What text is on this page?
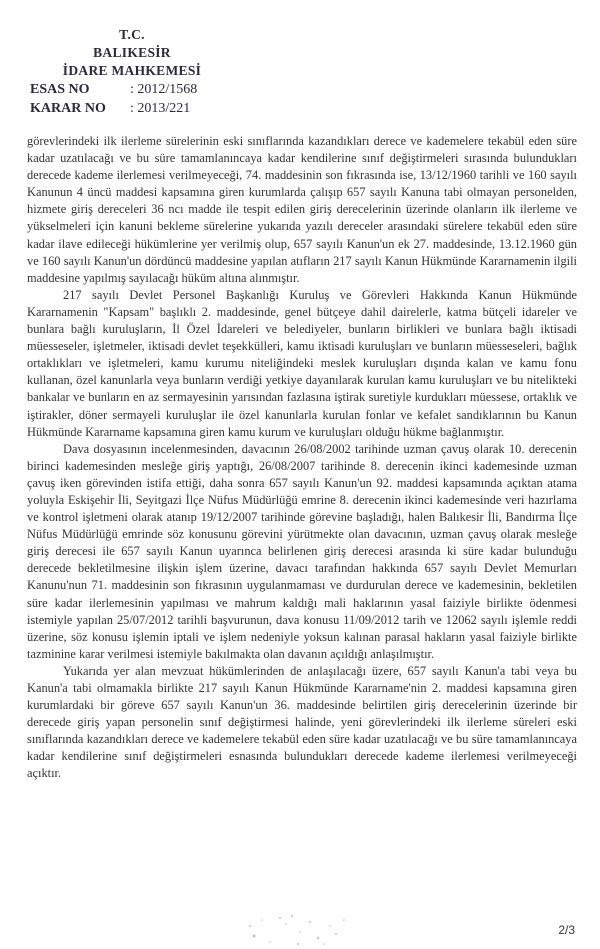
T.C.
BALIKESİR
İDARE MAHKEMESİ
ESAS NO	: 2012/1568
KARAR NO : 2013/221

görevlerindeki ilk ilerleme sürelerinin eski sınıflarında kazandıkları derece ve kademelere tekabül eden süre kadar uzatılacağı ve bu süre tamamlanıncaya kadar kendilerine sınıf değiştirmeleri sırasında bulundukları derecede kademe ilerlemesi verilmeyeceği, 74. maddesinin son fıkrasında ise, 13/12/1960 tarihli ve 160 sayılı Kanunun 4 üncü maddesi kapsamına giren kurumlarda çalışıp 657 sayılı Kanuna tabi olmayan personelden, hizmete giriş dereceleri 36 ncı madde ile tespit edilen giriş derecelerinin üzerinde olanların ilk ilerleme ve yükselmeleri için kanuni bekleme sürelerine yukarıda yazılı dereceler arasındaki sürelere tekabül eden süre kadar ilave edileceği hükümlerine yer verilmiş olup, 657 sayılı Kanun'un ek 27. maddesinde, 13.12.1960 gün ve 160 sayılı Kanun'un dördüncü maddesine yapılan atıfların 217 sayılı Kanun Hükmünde Kararnamenin ilgili maddesine yapılmış sayılacağı hüküm altına alınmıştır.

217 sayılı Devlet Personel Başkanlığı Kuruluş ve Görevleri Hakkında Kanun Hükmünde Kararnamenin "Kapsam" başlıklı 2. maddesinde, genel bütçeye dahil dairelerle, katma bütçeli idareler ve bunlara bağlı kuruluşların, İl Özel İdareleri ve belediyeler, bunların birlikleri ve bunlara bağlı iktisadi müesseseler, işletmeler, iktisadi devlet teşekkülleri, kamu iktisadi kuruluşları ve bunların müesseseleri, bağlık ortaklıkları ve işletmeleri, kamu kurumu niteliğindeki meslek kuruluşları dışında kalan ve kamu fonu kullanan, özel kanunlarla veya bunların verdiği yetkiye dayanılarak kurulan kamu kuruluşları ve bu nitelikteki bankalar ve bunların en az sermayesinin yarısından fazlasına iştirak suretiyle kurdukları müessese, ortaklık ve iştirakler, döner sermayeli kuruluşlar ile özel kanunlarla kurulan fonlar ve kefalet sandıklarının bu Kanun Hükmünde Kararname kapsamına giren kamu kurum ve kuruluşları olduğu hükme bağlanmıştır.

Dava dosyasının incelenmesinden, davacının 26/08/2002 tarihinde uzman çavuş olarak 10. derecenin birinci kademesinden mesleğe giriş yaptığı, 26/08/2007 tarihinde 8. derecenin ikinci kademesinde uzman çavuş iken görevinden istifa ettiği, daha sonra 657 sayılı Kanun'un 92. maddesi kapsamında açıktan atama yoluyla Eskişehir İli, Seyitgazi İlçe Nüfus Müdürlüğü emrine 8. derecenin ikinci kademesinde veri hazırlama ve kontrol işletmeni olarak atanıp 19/12/2007 tarihinde görevine başladığı, halen Balıkesir İli, Bandırma İlçe Nüfus Müdürlüğü emrinde söz konusunu görevini yürütmekte olan davacının, uzman çavuş olarak mesleğe giriş derecesi ile 657 sayılı Kanun uyarınca belirlenen giriş derecesi arasında ki süre kadar bulunduğu derecede bekletilmesine ilişkin işlem üzerine, davacı tarafından hakkında 657 sayılı Devlet Memurları Kanunu'nun 71. maddesinin son fıkrasının uygulanmaması ve durdurulan derece ve kademesinin, bekletilen süre kadar ilerlemesinin yapılması ve mahrum kaldığı mali haklarının yasal faiziyle birlikte ödenmesi istemiyle yapılan 25/07/2012 tarihli başvurunun, dava konusu 11/09/2012 tarih ve 12062 sayılı işlemle reddi üzerine, söz konusu işlemin iptali ve işlem nedeniyle yoksun kalınan parasal hakların yasal faiziyle birlikte tazminine karar verilmesi istemiyle bakılmakta olan davanın açıldığı anlaşılmıştır.

Yukarıda yer alan mevzuat hükümlerinden de anlaşılacağı üzere, 657 sayılı Kanun'a tabi veya bu Kanun'a tabi olmamakla birlikte 217 sayılı Kanun Hükmünde Kararname'nin 2. maddesi kapsamına giren kurumlardaki bir göreve 657 sayılı Kanun'un 36. maddesinde belirtilen giriş derecelerinin üzerinde bir derecede giriş yapan personelin sınıf değiştirmesi halinde, yeni görevlerindeki ilk ilerleme süreleri eski sınıflarında kazandıkları derece ve kademelere tekabül eden süre kadar uzatılacağı ve bu süre tamamlanıncaya kadar kendilerine sınıf değiştirmeleri esnasında bulundukları derecede kademe ilerlemesi verilmeyeceği açıktır.

2/3
